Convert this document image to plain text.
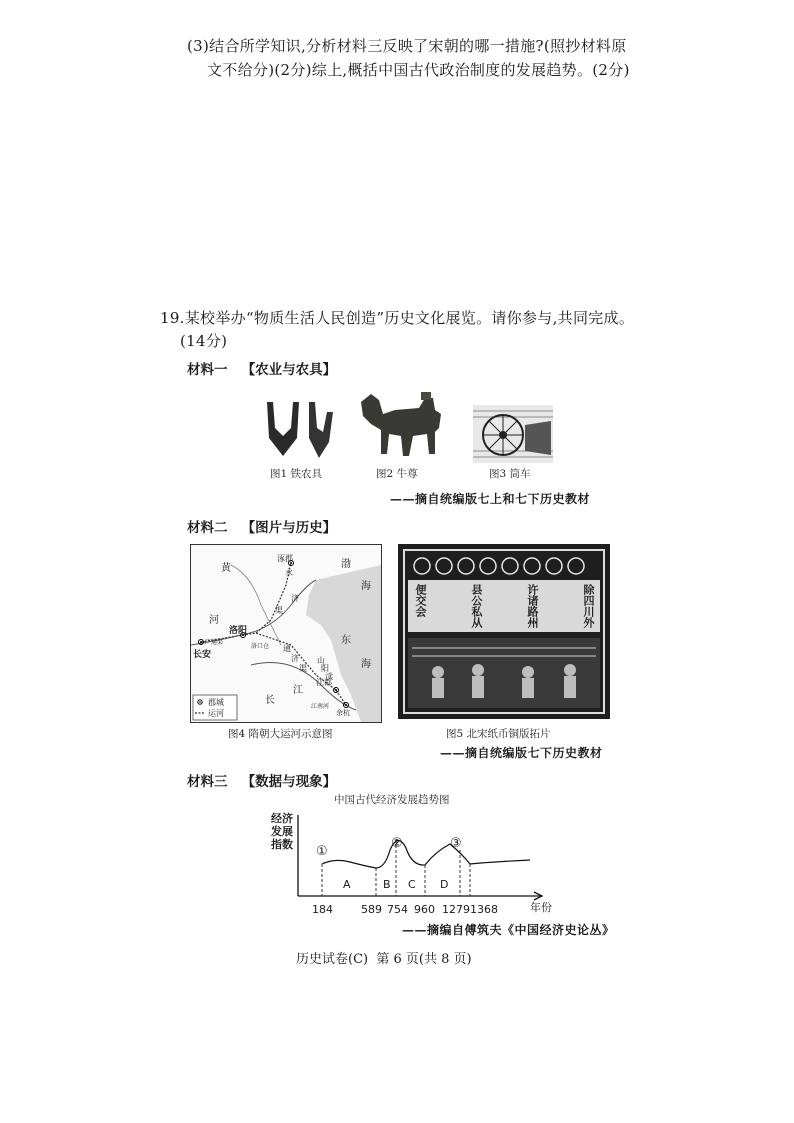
(3)结合所学知识,分析材料三反映了宋朝的哪一措施?(照抄材料原
文不给分)(2分)综上,概括中国古代政治制度的发展趋势。(2分)
19.某校举办“物质生活人民创造”历史文化展览。请你参与,共同完成。
(14分)
材料一 【农业与农具】
图1 铁农具	图2 牛尊	图3 筒车
——摘自统编版七上和七下历史教材
材料二 【图片与历史】
涿郡
洛阳
长安
江都
余杭
广通渠
洛口仓
黄
河
渤
海
东
海
长
江
永
济
渠
通
济
渠
山
阳
渎
江南河
郡城
运河
图4 隋朝大运河示意图
除四川外
许诸路州
县公私从
便交会
图5 北宋纸币铜版拓片
——摘自统编版七下历史教材
材料三 【数据与现象】
中国古代经济发展趋势图
经济发展指数	①
②	③
A	B C D
184	589 754 960 1279 1368	年份
——摘编自傅筑夫《中国经济史论丛》
历史试卷(C)  第 6 页(共 8 页)
